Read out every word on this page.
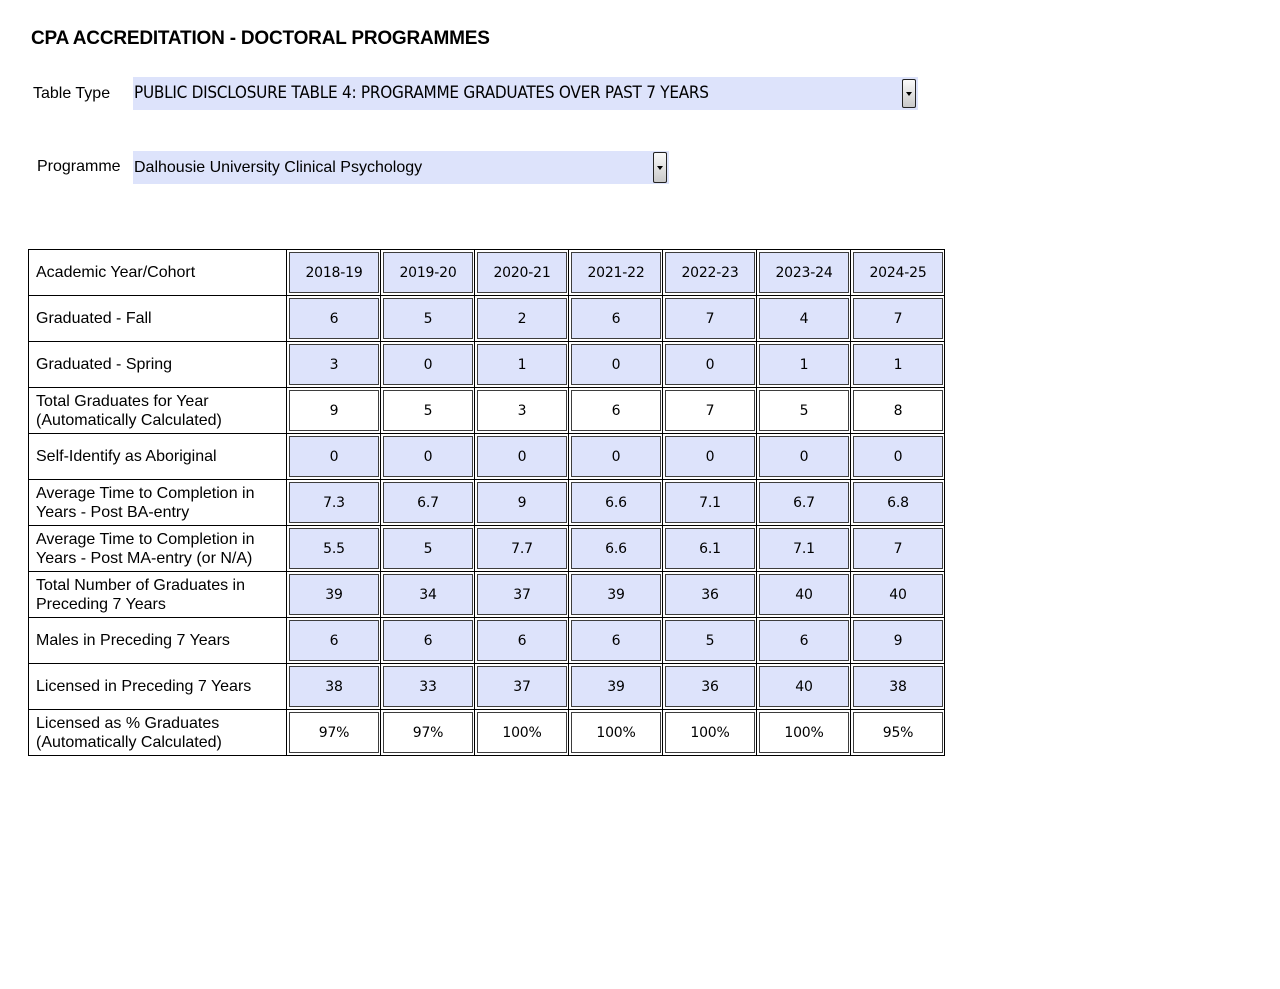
CPA ACCREDITATION - DOCTORAL PROGRAMMES
Table Type PUBLIC DISCLOSURE TABLE 4: PROGRAMME GRADUATES OVER PAST 7 YEARS
Programme Dalhousie University Clinical Psychology
Academic Year/Cohort	2018-19	2019-20	2020-21	2021-22	2022-23	2023-24	2024-25

Graduated - Fall	6	5	2	6	7	4	7

Graduated - Spring	3	0	1	0	0	1	1

Total Graduates for Year (Automatically Calculated)	9	5	3	6	7	5	8

Self-Identify as Aboriginal	0	0	0	0	0	0	0

Average Time to Completion in Years - Post BA-entry	7.3	6.7	9	6.6	7.1	6.7	6.8

Average Time to Completion in Years - Post MA-entry (or N/A)	5.5	5	7.7	6.6	6.1	7.1	7

Total Number of Graduates in Preceding 7 Years	39	34	37	39	36	40	40

Males in Preceding 7 Years	6	6	6	6	5	6	9

Licensed in Preceding 7 Years	38	33	37	39	36	40	38

Licensed as % Graduates (Automatically Calculated)	97%	97%	100%	100%	100%	100%	95%
